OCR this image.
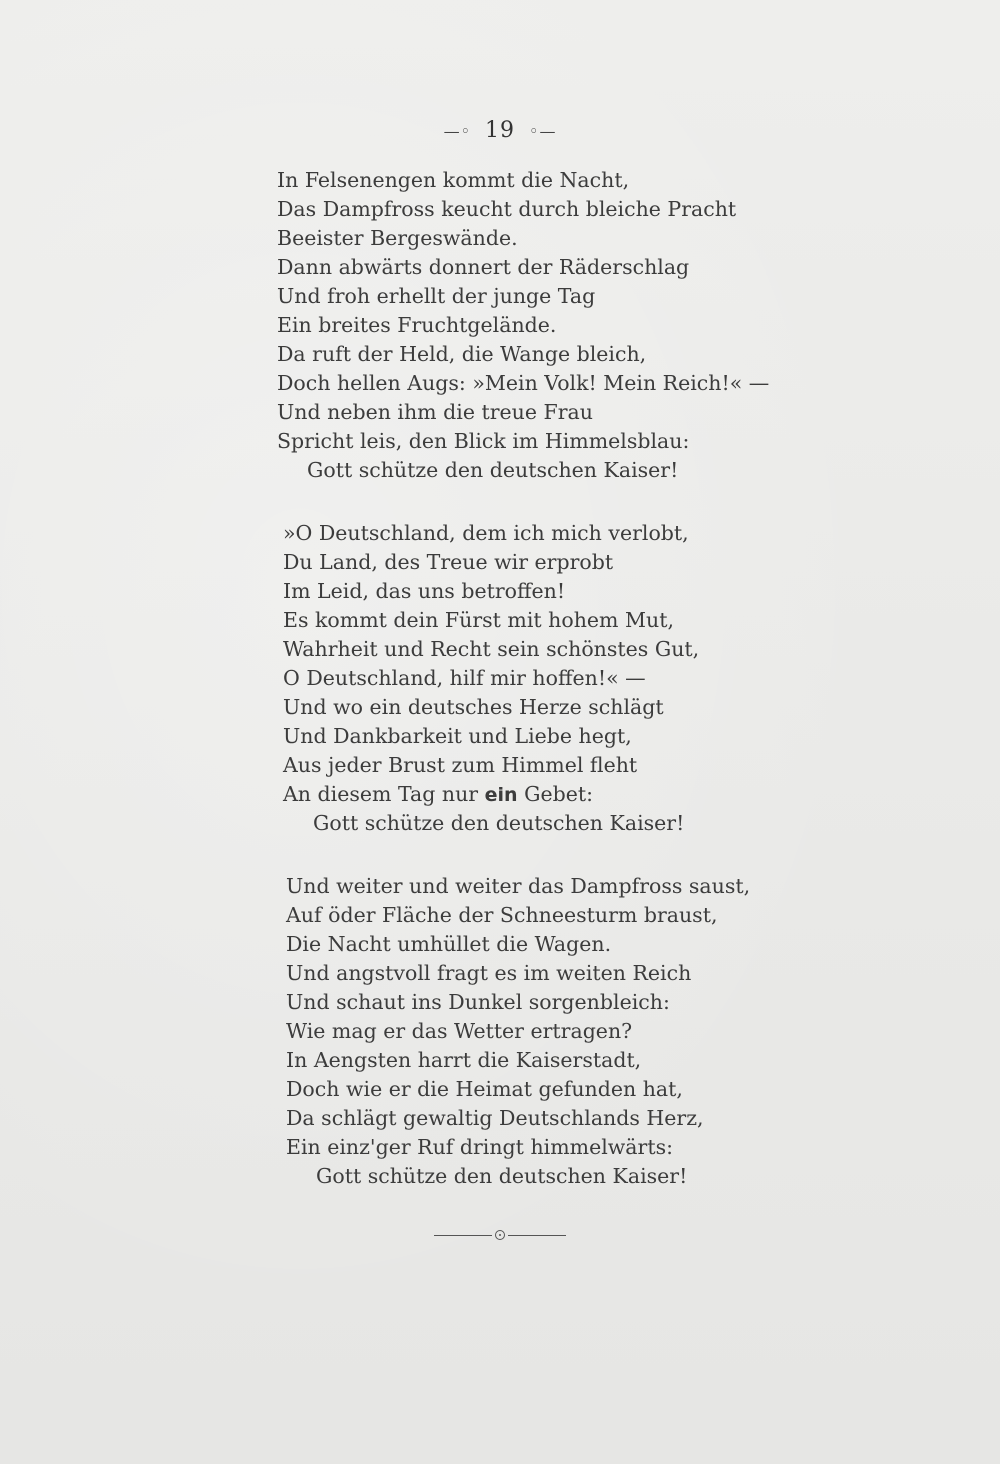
—◦ 19 ◦—
In Felsenengen kommt die Nacht,
Das Dampfross keucht durch bleiche Pracht
Beeister Bergeswände.
Dann abwärts donnert der Räderschlag
Und froh erhellt der junge Tag
Ein breites Fruchtgelände.
Da ruft der Held, die Wange bleich,
Doch hellen Augs: »Mein Volk! Mein Reich!« —
Und neben ihm die treue Frau
Spricht leis, den Blick im Himmelsblau:
Gott schütze den deutschen Kaiser!
»O Deutschland, dem ich mich verlobt,
Du Land, des Treue wir erprobt
Im Leid, das uns betroffen!
Es kommt dein Fürst mit hohem Mut,
Wahrheit und Recht sein schönstes Gut,
O Deutschland, hilf mir hoffen!« —
Und wo ein deutsches Herze schlägt
Und Dankbarkeit und Liebe hegt,
Aus jeder Brust zum Himmel fleht
An diesem Tag nur ein Gebet:
Gott schütze den deutschen Kaiser!
Und weiter und weiter das Dampfross saust,
Auf öder Fläche der Schneesturm braust,
Die Nacht umhüllet die Wagen.
Und angstvoll fragt es im weiten Reich
Und schaut ins Dunkel sorgenbleich:
Wie mag er das Wetter ertragen?
In Aengsten harrt die Kaiserstadt,
Doch wie er die Heimat gefunden hat,
Da schlägt gewaltig Deutschlands Herz,
Ein einz'ger Ruf dringt himmelwärts:
Gott schütze den deutschen Kaiser!
